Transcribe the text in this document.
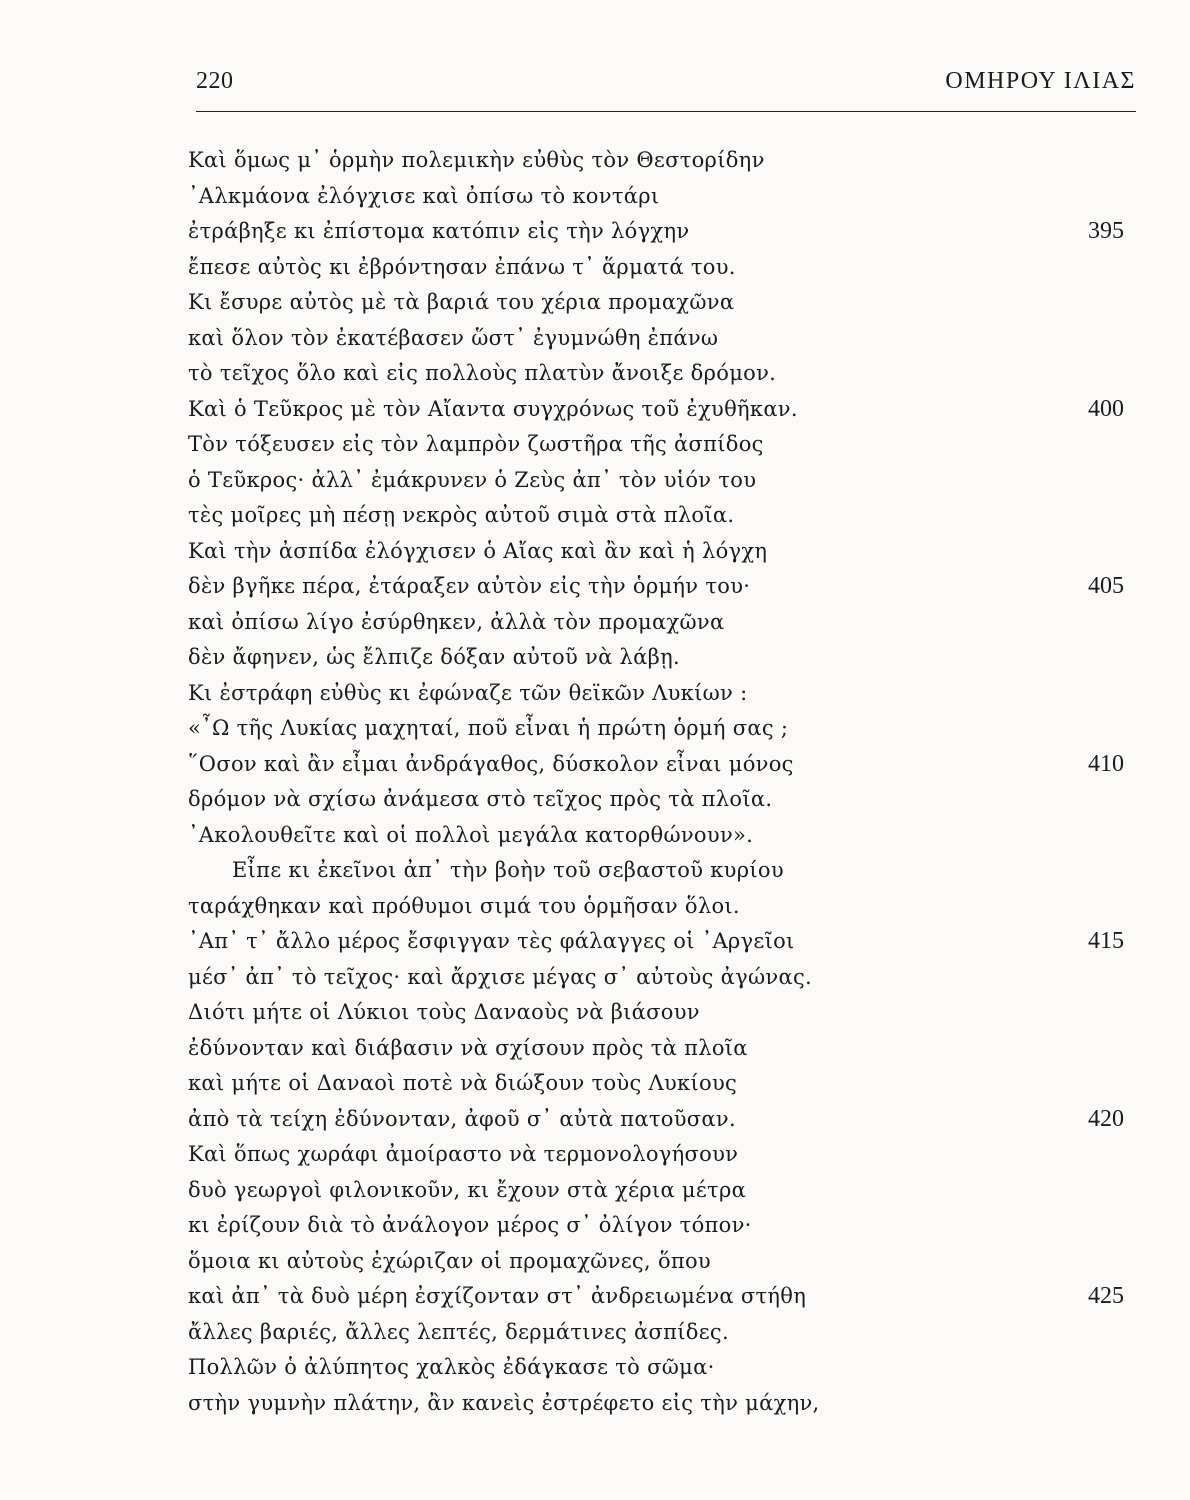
220	ΟΜΗΡΟΥ ΙΛΙΑΣ
Καὶ ὅμως μ᾽ ὁρμὴν πολεμικὴν εὐθὺς τὸν Θεστορίδην
᾽Αλκμάονα ἐλόγχισε καὶ ὀπίσω τὸ κοντάρι
ἐτράβηξε κι ἐπίστομα κατόπιν εἰς τὴν λόγχην	395
ἔπεσε αὐτὸς κι ἐβρόντησαν ἐπάνω τ᾽ ἅρματά του.
Κι ἔσυρε αὐτὸς μὲ τὰ βαριά του χέρια προμαχῶνα
καὶ ὅλον τὸν ἐκατέβασεν ὥστ᾽ ἐγυμνώθη ἐπάνω
τὸ τεῖχος ὅλο καὶ εἰς πολλοὺς πλατὺν ἄνοιξε δρόμον.
Καὶ ὁ Τεῦκρος μὲ τὸν Αἴαντα συγχρόνως τοῦ ἐχυθῆκαν.	400
Τὸν τόξευσεν εἰς τὸν λαμπρὸν ζωστῆρα τῆς ἀσπίδος
ὁ Τεῦκρος· ἀλλ᾽ ἐμάκρυνεν ὁ Ζεὺς ἀπ᾽ τὸν υἱόν του
τὲς μοῖρες μὴ πέσῃ νεκρὸς αὐτοῦ σιμὰ στὰ πλοῖα.
Καὶ τὴν ἀσπίδα ἐλόγχισεν ὁ Αἴας καὶ ἂν καὶ ἡ λόγχη
δὲν βγῆκε πέρα, ἐτάραξεν αὐτὸν εἰς τὴν ὁρμήν του·	405
καὶ ὀπίσω λίγο ἐσύρθηκεν, ἀλλὰ τὸν προμαχῶνα
δὲν ἄφηνεν, ὡς ἔλπιζε δόξαν αὐτοῦ νὰ λάβῃ.
Κι ἐστράφη εὐθὺς κι ἐφώναζε τῶν θεϊκῶν Λυκίων :
«῏Ω τῆς Λυκίας μαχηταί, ποῦ εἶναι ἡ πρώτη ὁρμή σας ;
῞Οσον καὶ ἂν εἶμαι ἀνδράγαθος, δύσκολον εἶναι μόνος	410
δρόμον νὰ σχίσω ἀνάμεσα στὸ τεῖχος πρὸς τὰ πλοῖα.
᾽Ακολουθεῖτε καὶ οἱ πολλοὶ μεγάλα κατορθώνουν».
Εἶπε κι ἐκεῖνοι ἀπ᾽ τὴν βοὴν τοῦ σεβαστοῦ κυρίου
ταράχθηκαν καὶ πρόθυμοι σιμά του ὁρμῆσαν ὅλοι.
᾽Απ᾽ τ᾽ ἄλλο μέρος ἔσφιγγαν τὲς φάλαγγες οἱ ᾽Αργεῖοι	415
μέσ᾽ ἀπ᾽ τὸ τεῖχος· καὶ ἄρχισε μέγας σ᾽ αὐτοὺς ἀγώνας.
Διότι μήτε οἱ Λύκιοι τοὺς Δαναοὺς νὰ βιάσουν
ἐδύνονταν καὶ διάβασιν νὰ σχίσουν πρὸς τὰ πλοῖα
καὶ μήτε οἱ Δαναοὶ ποτὲ νὰ διώξουν τοὺς Λυκίους
ἀπὸ τὰ τείχη ἐδύνονταν, ἀφοῦ σ᾽ αὐτὰ πατοῦσαν.	420
Καὶ ὅπως χωράφι ἀμοίραστο νὰ τερμονολογήσουν
δυὸ γεωργοὶ φιλονικοῦν, κι ἔχουν στὰ χέρια μέτρα
κι ἐρίζουν διὰ τὸ ἀνάλογον μέρος σ᾽ ὀλίγον τόπον·
ὅμοια κι αὐτοὺς ἐχώριζαν οἱ προμαχῶνες, ὅπου
καὶ ἀπ᾽ τὰ δυὸ μέρη ἐσχίζονταν στ᾽ ἀνδρειωμένα στήθη	425
ἄλλες βαριές, ἄλλες λεπτές, δερμάτινες ἀσπίδες.
Πολλῶν ὁ ἀλύπητος χαλκὸς ἐδάγκασε τὸ σῶμα·
στὴν γυμνὴν πλάτην, ἂν κανεὶς ἐστρέφετο εἰς τὴν μάχην,
